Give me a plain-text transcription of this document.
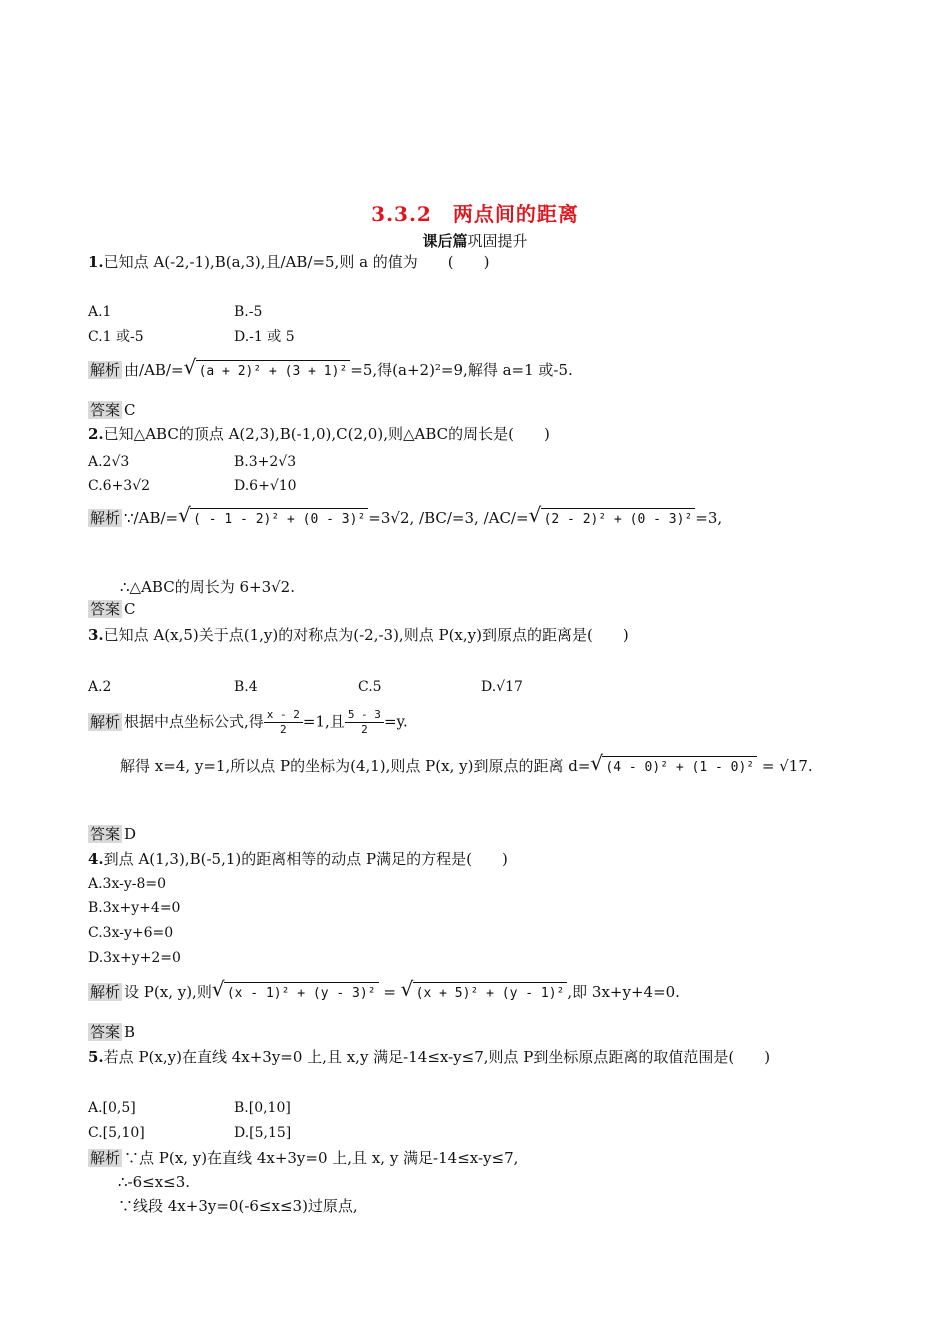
3.3.2　两点间的距离
课后篇巩固提升
1.已知点 A(-2,-1),B(a,3),且/AB/=5,则 a 的值为　　(　　)
A.1	B.-5
C.1 或-5	D.-1 或 5
解析 由/AB/= √ (a + 2)² + (3 + 1)² =5,得(a+2)²=9,解得 a=1 或-5.
答案 C
2.已知△ABC的顶点 A(2,3),B(-1,0),C(2,0),则△ABC的周长是(　　)
A.2√3	B.3+2√3
C.6+3√2	D.6+√10
解析 ∵/AB/= √ ( - 1 - 2)² + (0 - 3)² =3√2, /BC/=3, /AC/= √ (2 - 2)² + (0 - 3)² =3,
∴△ABC的周长为 6+3√2.
答案 C
3.已知点 A(x,5)关于点(1,y)的对称点为(-2,-3),则点 P(x,y)到原点的距离是(　　)
A.2	B.4	C.5	D.√17
解析 根据中点坐标公式,得 $\frac{x - 2}{2} =1$,且 $\frac{5 - 3}{2} =y$.
解得 x=4, y=1,所以点 P的坐标为(4,1),则点 P(x, y)到原点的距离 d= √ (4 - 0)² + (1 - 0)² = √17.
答案 D
4.到点 A(1,3),B(-5,1)的距离相等的动点 P满足的方程是(　　)
A.3x-y-8=0
B.3x+y+4=0
C.3x-y+6=0
D.3x+y+2=0
解析 设 P(x, y),则 √ (x - 1)² + (y - 3)² = √ (x + 5)² + (y - 1)² ,即 3x+y+4=0.
答案 B
5.若点 P(x,y)在直线 4x+3y=0 上,且 x,y 满足-14≤x-y≤7,则点 P到坐标原点距离的取值范围是(　　)
A.[0,5]	B.[0,10]
C.[5,10]	D.[5,15]
解析 ∵点 P(x, y)在直线 4x+3y=0 上,且 x, y 满足-14≤x-y≤7,
∴-6≤x≤3.
∵线段 4x+3y=0(-6≤x≤3)过原点,
